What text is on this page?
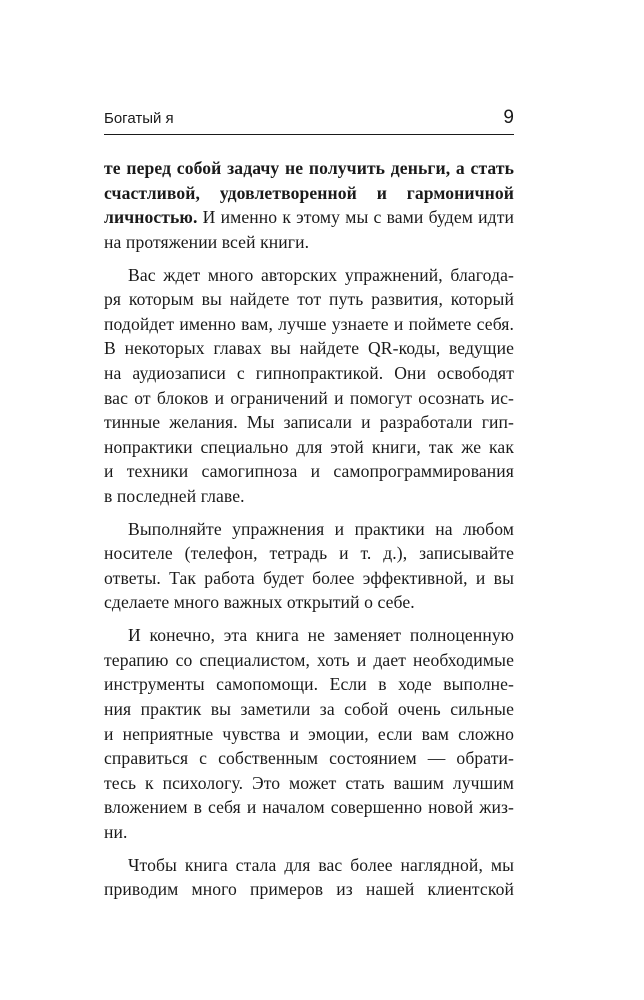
Богатый я	9
те перед собой задачу не получить деньги, а стать
счастливой, удовлетворенной и гармоничной
личностью. И именно к этому мы с вами будем идти
на протяжении всей книги.
Вас ждет много авторских упражнений, благода-
ря которым вы найдете тот путь развития, который
подойдет именно вам, лучше узнаете и поймете себя.
В некоторых главах вы найдете QR-коды, ведущие
на аудиозаписи с гипнопрактикой. Они освободят
вас от блоков и ограничений и помогут осознать ис-
тинные желания. Мы записали и разработали гип-
нопрактики специально для этой книги, так же как
и техники самогипноза и самопрограммирования
в последней главе.
Выполняйте упражнения и практики на любом
носителе (телефон, тетрадь и т. д.), записывайте
ответы. Так работа будет более эффективной, и вы
сделаете много важных открытий о себе.
И конечно, эта книга не заменяет полноценную
терапию со специалистом, хоть и дает необходимые
инструменты самопомощи. Если в ходе выполне-
ния практик вы заметили за собой очень сильные
и неприятные чувства и эмоции, если вам сложно
справиться с собственным состоянием — обрати-
тесь к психологу. Это может стать вашим лучшим
вложением в себя и началом совершенно новой жиз-
ни.
Чтобы книга стала для вас более наглядной, мы
приводим много примеров из нашей клиентской
